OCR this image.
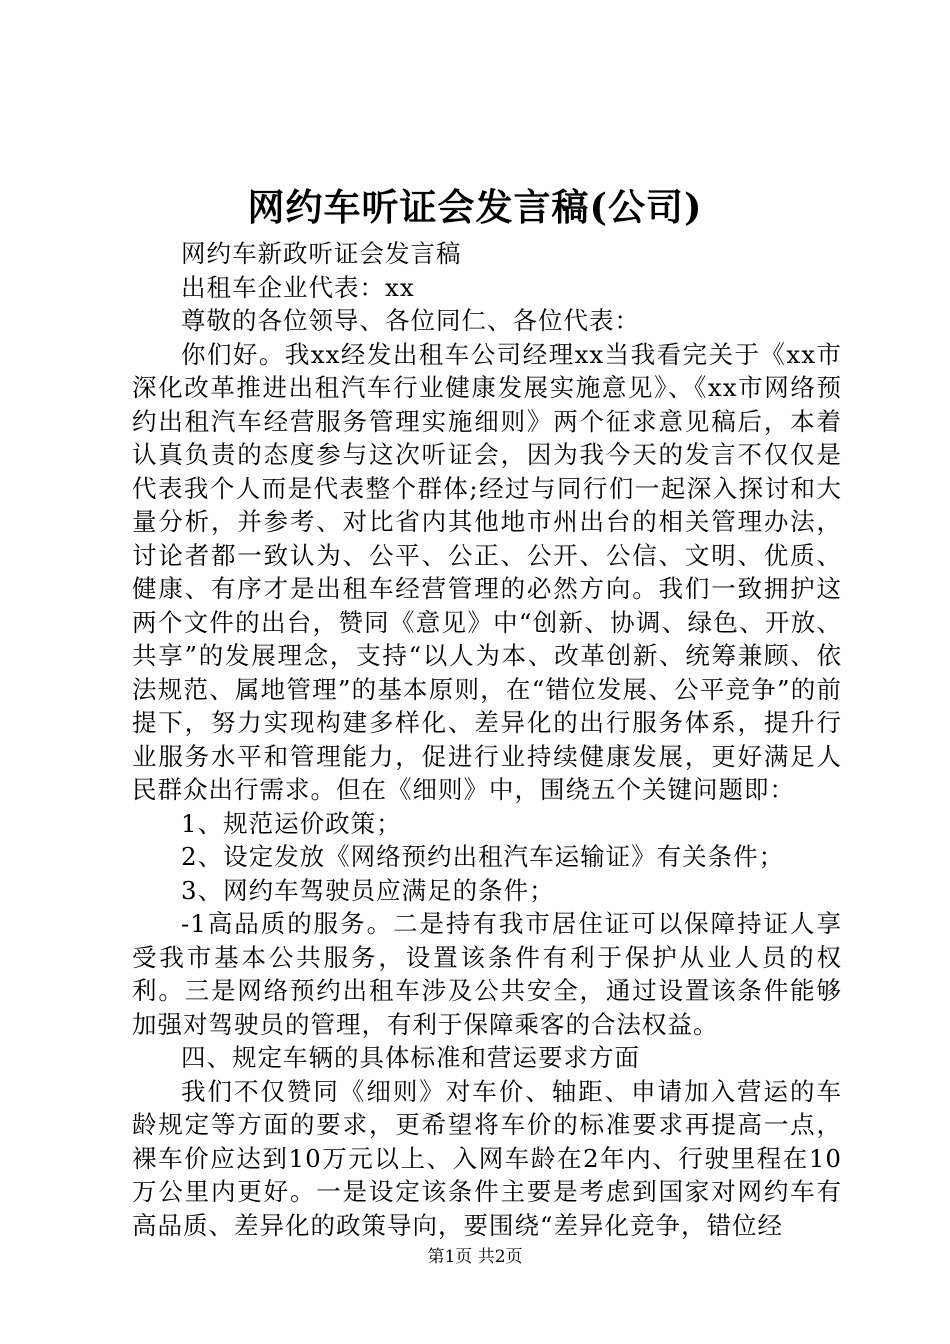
网约车听证会发言稿(公司)

网约车新政听证会发言稿

出租车企业代表：xx

尊敬的各位领导、各位同仁、各位代表：

你们好。我xx经发出租车公司经理xx当我看完关于《xx市深化改革推进出租汽车行业健康发展实施意见》、《xx市网络预约出租汽车经营服务管理实施细则》两个征求意见稿后，本着认真负责的态度参与这次听证会，因为我今天的发言不仅仅是代表我个人而是代表整个群体;经过与同行们一起深入探讨和大量分析，并参考、对比省内其他地市州出台的相关管理办法，讨论者都一致认为、公平、公正、公开、公信、文明、优质、健康、有序才是出租车经营管理的必然方向。我们一致拥护这两个文件的出台，赞同《意见》中“创新、协调、绿色、开放、共享”的发展理念，支持“以人为本、改革创新、统筹兼顾、依法规范、属地管理”的基本原则，在“错位发展、公平竞争”的前提下，努力实现构建多样化、差异化的出行服务体系，提升行业服务水平和管理能力，促进行业持续健康发展，更好满足人民群众出行需求。但在《细则》中，围绕五个关键问题即：

1、规范运价政策；

2、设定发放《网络预约出租汽车运输证》有关条件；

3、网约车驾驶员应满足的条件；

-1高品质的服务。二是持有我市居住证可以保障持证人享受我市基本公共服务，设置该条件有利于保护从业人员的权利。三是网络预约出租车涉及公共安全，通过设置该条件能够加强对驾驶员的管理，有利于保障乘客的合法权益。

四、规定车辆的具体标准和营运要求方面

我们不仅赞同《细则》对车价、轴距、申请加入营运的车龄规定等方面的要求，更希望将车价的标准要求再提高一点，裸车价应达到10万元以上、入网车龄在2年内、行驶里程在10万公里内更好。一是设定该条件主要是考虑到国家对网约车有高品质、差异化的政策导向，要围绕“差异化竞争，错位经

第1页 共2页
